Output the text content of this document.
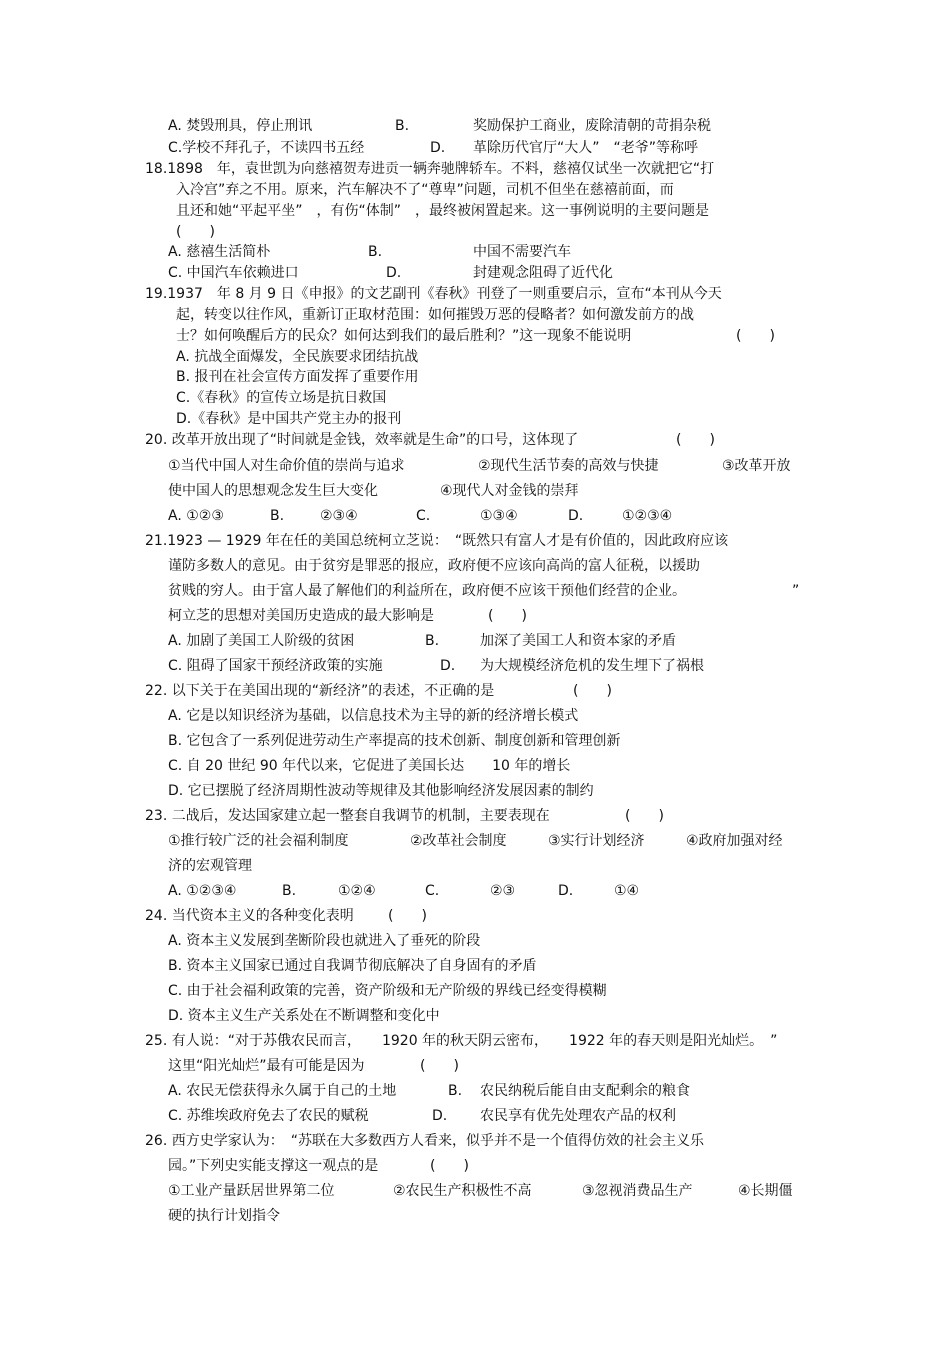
A. 焚毁刑具，停止刑讯	B.	奖励保护工商业，废除清朝的苛捐杂税
C.学校不拜孔子，不读四书五经	D. 革除历代官厅“大人”　“老爷”等称呼
18.1898　年，袁世凯为向慈禧贺寿进贡一辆奔驰牌轿车。不料，慈禧仅试坐一次就把它“打
入冷宫”弃之不用。原来，汽车解决不了“尊卑”问题，司机不但坐在慈禧前面，而
且还和她“平起平坐”　，有伤“体制”　，最终被闲置起来。这一事例说明的主要问题是
(　　)
A. 慈禧生活简朴	B.	中国不需要汽车
C. 中国汽车依赖进口	D.	封建观念阻碍了近代化
19.1937　年 8 月 9 日《申报》的文艺副刊《春秋》刊登了一则重要启示，宣布“本刊从今天
起，转变以往作风，重新订正取材范围：如何摧毁万恶的侵略者？如何激发前方的战
士？如何唤醒后方的民众？如何达到我们的最后胜利？”这一现象不能说明	(　　)
A. 抗战全面爆发，全民族要求团结抗战
B. 报刊在社会宣传方面发挥了重要作用
C.《春秋》的宣传立场是抗日救国
D.《春秋》是中国共产党主办的报刊
20. 改革开放出现了“时间就是金钱，效率就是生命”的口号，这体现了	(　　)
①当代中国人对生命价值的崇尚与追求	②现代生活节奏的高效与快捷	③改革开放
使中国人的思想观念发生巨大变化	④现代人对金钱的崇拜
A. ①②③	B.	②③④	C.	①③④	D.	①②③④
21.1923 — 1929 年在任的美国总统柯立芝说：　“既然只有富人才是有价值的，因此政府应该
谨防多数人的意见。由于贫穷是罪恶的报应，政府便不应该向高尚的富人征税，以援助
贫贱的穷人。由于富人最了解他们的利益所在，政府便不应该干预他们经营的企业。	”
柯立芝的思想对美国历史造成的最大影响是	(　　)
A. 加剧了美国工人阶级的贫困	B.	加深了美国工人和资本家的矛盾
C. 阻碍了国家干预经济政策的实施	D. 为大规模经济危机的发生埋下了祸根
22. 以下关于在美国出现的“新经济”的表述，不正确的是	(　　)
A. 它是以知识经济为基础，以信息技术为主导的新的经济增长模式
B. 它包含了一系列促进劳动生产率提高的技术创新、制度创新和管理创新
C. 自 20 世纪 90 年代以来，它促进了美国长达　　10 年的增长
D. 它已摆脱了经济周期性波动等规律及其他影响经济发展因素的制约
23. 二战后，发达国家建立起一整套自我调节的机制，主要表现在	(　　)
①推行较广泛的社会福利制度	②改革社会制度	③实行计划经济	④政府加强对经
济的宏观管理
A. ①②③④	B.	①②④	C.	②③	D.	①④
24. 当代资本主义的各种变化表明 (　　)
A. 资本主义发展到垄断阶段也就进入了垂死的阶段
B. 资本主义国家已通过自我调节彻底解决了自身固有的矛盾
C. 由于社会福利政策的完善，资产阶级和无产阶级的界线已经变得模糊
D. 资本主义生产关系处在不断调整和变化中
25. 有人说：“对于苏俄农民而言，　　1920 年的秋天阴云密布，　　1922 年的春天则是阳光灿烂。　”
这里“阳光灿烂”最有可能是因为	(　　)
A. 农民无偿获得永久属于自己的土地	B. 农民纳税后能自由支配剩余的粮食
C. 苏维埃政府免去了农民的赋税	D. 农民享有优先处理农产品的权利
26. 西方史学家认为：　“苏联在大多数西方人看来，似乎并不是一个值得仿效的社会主义乐
园。”下列史实能支撑这一观点的是	(　　)
①工业产量跃居世界第二位	②农民生产积极性不高	③忽视消费品生产	④长期僵
硬的执行计划指令
